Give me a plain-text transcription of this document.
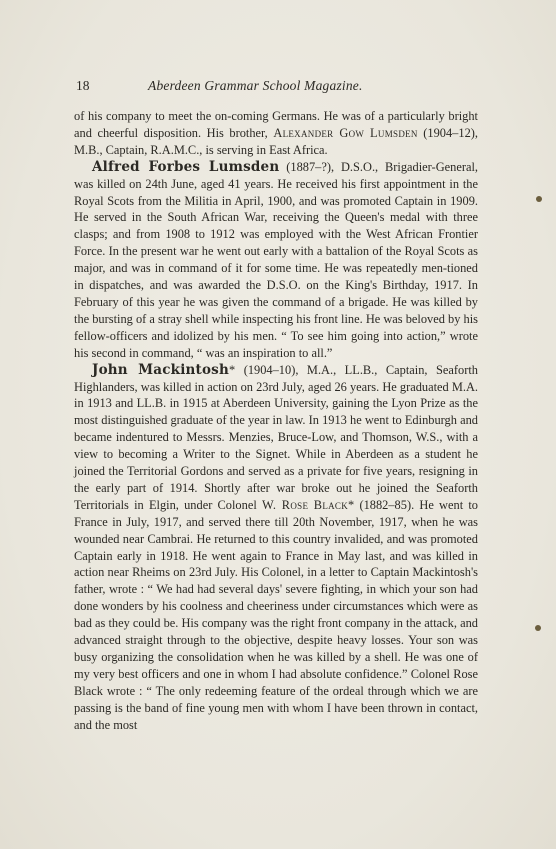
18	Aberdeen Grammar School Magazine.

of his company to meet the on-coming Germans. He was of a particularly bright and cheerful disposition. His brother, Alexander Gow Lumsden (1904–12), M.B., Captain, R.A.M.C., is serving in East Africa.

Alfred Forbes Lumsden (1887–?), D.S.O., Brigadier-General, was killed on 24th June, aged 41 years. He received his first appointment in the Royal Scots from the Militia in April, 1900, and was promoted Captain in 1909. He served in the South African War, receiving the Queen's medal with three clasps; and from 1908 to 1912 was employed with the West African Frontier Force. In the present war he went out early with a battalion of the Royal Scots as major, and was in command of it for some time. He was repeatedly men-tioned in dispatches, and was awarded the D.S.O. on the King's Birthday, 1917. In February of this year he was given the command of a brigade. He was killed by the bursting of a stray shell while inspecting his front line. He was beloved by his fellow-officers and idolized by his men. “ To see him going into action,” wrote his second in command, “ was an inspiration to all.”

John Mackintosh* (1904–10), M.A., LL.B., Captain, Seaforth Highlanders, was killed in action on 23rd July, aged 26 years. He graduated M.A. in 1913 and LL.B. in 1915 at Aberdeen University, gaining the Lyon Prize as the most distinguished graduate of the year in law. In 1913 he went to Edinburgh and became indentured to Messrs. Menzies, Bruce-Low, and Thomson, W.S., with a view to becoming a Writer to the Signet. While in Aberdeen as a student he joined the Territorial Gordons and served as a private for five years, resigning in the early part of 1914. Shortly after war broke out he joined the Seaforth Territorials in Elgin, under Colonel W. Rose Black* (1882–85). He went to France in July, 1917, and served there till 20th November, 1917, when he was wounded near Cambrai. He returned to this country invalided, and was promoted Captain early in 1918. He went again to France in May last, and was killed in action near Rheims on 23rd July. His Colonel, in a letter to Captain Mackintosh's father, wrote : “ We had had several days' severe fighting, in which your son had done wonders by his coolness and cheeriness under circumstances which were as bad as they could be. His company was the right front company in the attack, and advanced straight through to the objective, despite heavy losses. Your son was busy organizing the consolidation when he was killed by a shell. He was one of my very best officers and one in whom I had absolute confidence.” Colonel Rose Black wrote : “ The only redeeming feature of the ordeal through which we are passing is the band of fine young men with whom I have been thrown in contact, and the most
